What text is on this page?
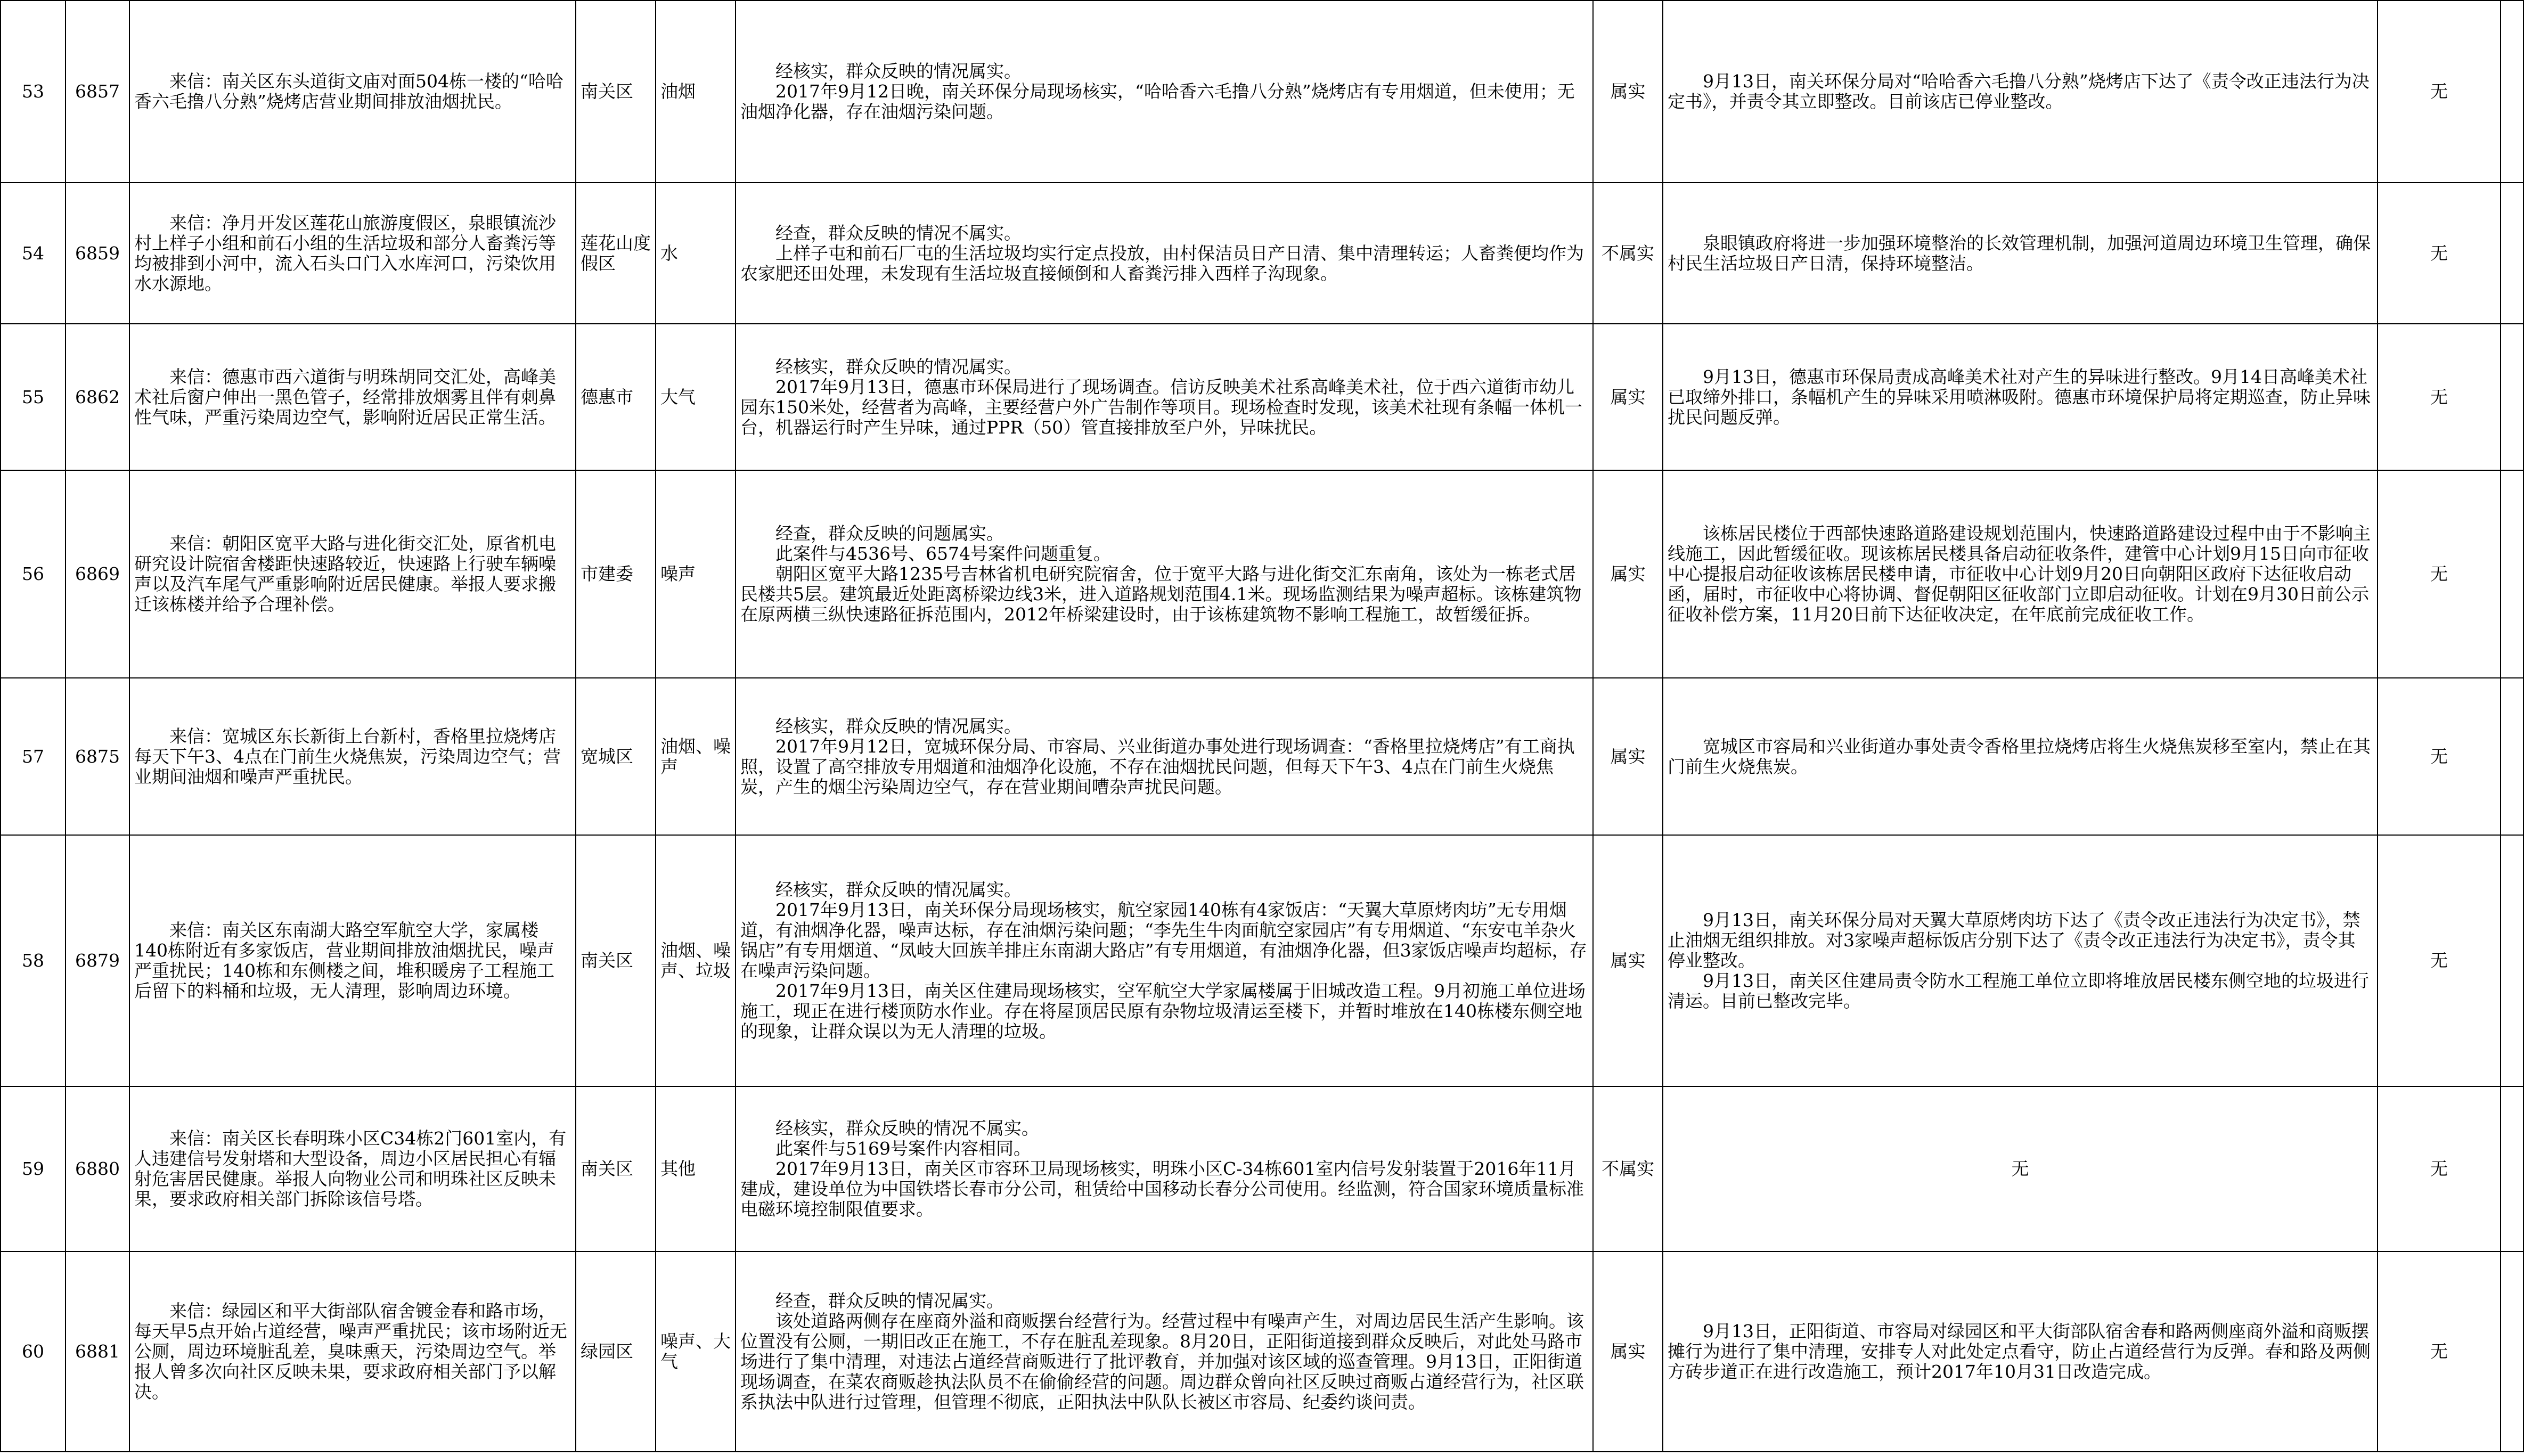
53	6857	来信：南关区东头道街文庙对面504栋一楼的“哈哈香六毛撸八分熟”烧烤店营业期间排放油烟扰民。	南关区	油烟	经核实，群众反映的情况属实。
2017年9月12日晚，南关环保分局现场核实，“哈哈香六毛撸八分熟”烧烤店有专用烟道，但未使用；无油烟净化器，存在油烟污染问题。	属实	9月13日，南关环保分局对“哈哈香六毛撸八分熟”烧烤店下达了《责令改正违法行为决定书》，并责令其立即整改。目前该店已停业整改。	无	
54	6859	来信：净月开发区莲花山旅游度假区，泉眼镇流沙村上样子小组和前石小组的生活垃圾和部分人畜粪污等均被排到小河中，流入石头口门入水库河口，污染饮用水水源地。	莲花山度假区	水	经查，群众反映的情况不属实。
上样子屯和前石厂屯的生活垃圾均实行定点投放，由村保洁员日产日清、集中清理转运；人畜粪便均作为农家肥还田处理，未发现有生活垃圾直接倾倒和人畜粪污排入西样子沟现象。	不属实	泉眼镇政府将进一步加强环境整治的长效管理机制，加强河道周边环境卫生管理，确保村民生活垃圾日产日清，保持环境整洁。	无	
55	6862	来信：德惠市西六道街与明珠胡同交汇处，高峰美术社后窗户伸出一黑色管子，经常排放烟雾且伴有刺鼻性气味，严重污染周边空气，影响附近居民正常生活。	德惠市	大气	经核实，群众反映的情况属实。
2017年9月13日，德惠市环保局进行了现场调查。信访反映美术社系高峰美术社，位于西六道街市幼儿园东150米处，经营者为高峰，主要经营户外广告制作等项目。现场检查时发现，该美术社现有条幅一体机一台，机器运行时产生异味，通过PPR（50）管直接排放至户外，异味扰民。	属实	9月13日，德惠市环保局责成高峰美术社对产生的异味进行整改。9月14日高峰美术社已取缔外排口，条幅机产生的异味采用喷淋吸附。德惠市环境保护局将定期巡查，防止异味扰民问题反弹。	无	
56	6869	来信：朝阳区宽平大路与进化街交汇处，原省机电研究设计院宿舍楼距快速路较近，快速路上行驶车辆噪声以及汽车尾气严重影响附近居民健康。举报人要求搬迁该栋楼并给予合理补偿。	市建委	噪声	经查，群众反映的问题属实。
此案件与4536号、6574号案件问题重复。
朝阳区宽平大路1235号吉林省机电研究院宿舍，位于宽平大路与进化街交汇东南角，该处为一栋老式居民楼共5层。建筑最近处距离桥梁边线3米，进入道路规划范围4.1米。现场监测结果为噪声超标。该栋建筑物在原两横三纵快速路征拆范围内，2012年桥梁建设时，由于该栋建筑物不影响工程施工，故暂缓征拆。	属实	该栋居民楼位于西部快速路道路建设规划范围内，快速路道路建设过程中由于不影响主线施工，因此暂缓征收。现该栋居民楼具备启动征收条件，建管中心计划9月15日向市征收中心提报启动征收该栋居民楼申请，市征收中心计划9月20日向朝阳区政府下达征收启动函，届时，市征收中心将协调、督促朝阳区征收部门立即启动征收。计划在9月30日前公示征收补偿方案，11月20日前下达征收决定，在年底前完成征收工作。	无	
57	6875	来信：宽城区东长新街上台新村，香格里拉烧烤店每天下午3、4点在门前生火烧焦炭，污染周边空气；营业期间油烟和噪声严重扰民。	宽城区	油烟、噪声	经核实，群众反映的情况属实。
2017年9月12日，宽城环保分局、市容局、兴业街道办事处进行现场调查：“香格里拉烧烤店”有工商执照，设置了高空排放专用烟道和油烟净化设施，不存在油烟扰民问题，但每天下午3、4点在门前生火烧焦炭，产生的烟尘污染周边空气，存在营业期间嘈杂声扰民问题。	属实	宽城区市容局和兴业街道办事处责令香格里拉烧烤店将生火烧焦炭移至室内，禁止在其门前生火烧焦炭。	无	
58	6879	来信：南关区东南湖大路空军航空大学，家属楼140栋附近有多家饭店，营业期间排放油烟扰民，噪声严重扰民；140栋和东侧楼之间，堆积暖房子工程施工后留下的料桶和垃圾，无人清理，影响周边环境。	南关区	油烟、噪声、垃圾	经核实，群众反映的情况属实。
2017年9月13日，南关环保分局现场核实，航空家园140栋有4家饭店：“天翼大草原烤肉坊”无专用烟道，有油烟净化器，噪声达标，存在油烟污染问题；“李先生牛肉面航空家园店”有专用烟道、“东安屯羊杂火锅店”有专用烟道、“凤岐大回族羊排庄东南湖大路店”有专用烟道，有油烟净化器，但3家饭店噪声均超标，存在噪声污染问题。
2017年9月13日，南关区住建局现场核实，空军航空大学家属楼属于旧城改造工程。9月初施工单位进场施工，现正在进行楼顶防水作业。存在将屋顶居民原有杂物垃圾清运至楼下，并暂时堆放在140栋楼东侧空地的现象，让群众误以为无人清理的垃圾。	属实	9月13日，南关环保分局对天翼大草原烤肉坊下达了《责令改正违法行为决定书》，禁止油烟无组织排放。对3家噪声超标饭店分别下达了《责令改正违法行为决定书》，责令其停业整改。
9月13日，南关区住建局责令防水工程施工单位立即将堆放居民楼东侧空地的垃圾进行清运。目前已整改完毕。	无	
59	6880	来信：南关区长春明珠小区C34栋2门601室内，有人违建信号发射塔和大型设备，周边小区居民担心有辐射危害居民健康。举报人向物业公司和明珠社区反映未果，要求政府相关部门拆除该信号塔。	南关区	其他	经核实，群众反映的情况不属实。
此案件与5169号案件内容相同。
2017年9月13日，南关区市容环卫局现场核实，明珠小区C-34栋601室内信号发射装置于2016年11月建成，建设单位为中国铁塔长春市分公司，租赁给中国移动长春分公司使用。经监测，符合国家环境质量标准电磁环境控制限值要求。	不属实	无	无	
60	6881	来信：绿园区和平大街部队宿舍镀金春和路市场，每天早5点开始占道经营，噪声严重扰民；该市场附近无公厕，周边环境脏乱差，臭味熏天，污染周边空气。举报人曾多次向社区反映未果，要求政府相关部门予以解决。	绿园区	噪声、大气	经查，群众反映的情况属实。
该处道路两侧存在座商外溢和商贩摆台经营行为。经营过程中有噪声产生，对周边居民生活产生影响。该位置没有公厕，一期旧改正在施工，不存在脏乱差现象。8月20日，正阳街道接到群众反映后，对此处马路市场进行了集中清理，对违法占道经营商贩进行了批评教育，并加强对该区域的巡查管理。9月13日，正阳街道现场调查，在菜农商贩趁执法队员不在偷偷经营的问题。周边群众曾向社区反映过商贩占道经营行为，社区联系执法中队进行过管理，但管理不彻底，正阳执法中队队长被区市容局、纪委约谈问责。	属实	9月13日，正阳街道、市容局对绿园区和平大街部队宿舍春和路两侧座商外溢和商贩摆摊行为进行了集中清理，安排专人对此处定点看守，防止占道经营行为反弹。春和路及两侧方砖步道正在进行改造施工，预计2017年10月31日改造完成。	无	
